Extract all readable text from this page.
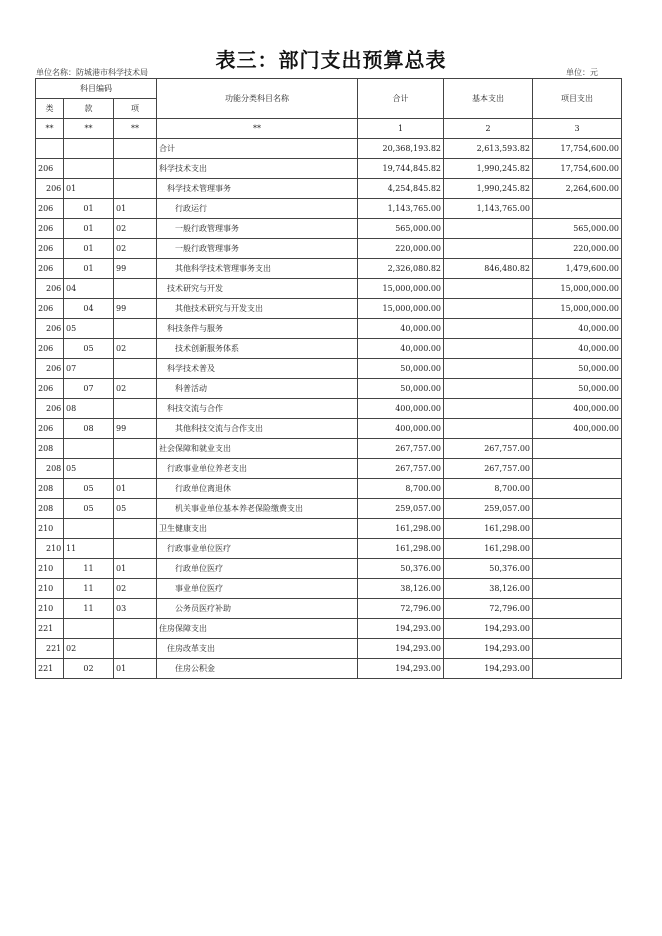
表三：部门支出预算总表
单位名称：防城港市科学技术局	单位：元
科目编码			功能分类科目名称	合计	基本支出	项目支出
类	款	项				
**	**	**	**	1	2	3
			合计	20,368,193.82	2,613,593.82	17,754,600.00
206			科学技术支出	19,744,845.82	1,990,245.82	17,754,600.00
206	01		科学技术管理事务	4,254,845.82	1,990,245.82	2,264,600.00
206	01	01	行政运行	1,143,765.00	1,143,765.00	
206	01	02	一般行政管理事务	565,000.00		565,000.00
206	01	02	一般行政管理事务	220,000.00		220,000.00
206	01	99	其他科学技术管理事务支出	2,326,080.82	846,480.82	1,479,600.00
206	04		技术研究与开发	15,000,000.00		15,000,000.00
206	04	99	其他技术研究与开发支出	15,000,000.00		15,000,000.00
206	05		科技条件与服务	40,000.00		40,000.00
206	05	02	技术创新服务体系	40,000.00		40,000.00
206	07		科学技术普及	50,000.00		50,000.00
206	07	02	科普活动	50,000.00		50,000.00
206	08		科技交流与合作	400,000.00		400,000.00
206	08	99	其他科技交流与合作支出	400,000.00		400,000.00
208			社会保障和就业支出	267,757.00	267,757.00	
208	05		行政事业单位养老支出	267,757.00	267,757.00	
208	05	01	行政单位离退休	8,700.00	8,700.00	
208	05	05	机关事业单位基本养老保险缴费支出	259,057.00	259,057.00	
210			卫生健康支出	161,298.00	161,298.00	
210	11		行政事业单位医疗	161,298.00	161,298.00	
210	11	01	行政单位医疗	50,376.00	50,376.00	
210	11	02	事业单位医疗	38,126.00	38,126.00	
210	11	03	公务员医疗补助	72,796.00	72,796.00	
221			住房保障支出	194,293.00	194,293.00	
221	02		住房改革支出	194,293.00	194,293.00	
221	02	01	住房公积金	194,293.00	194,293.00	
